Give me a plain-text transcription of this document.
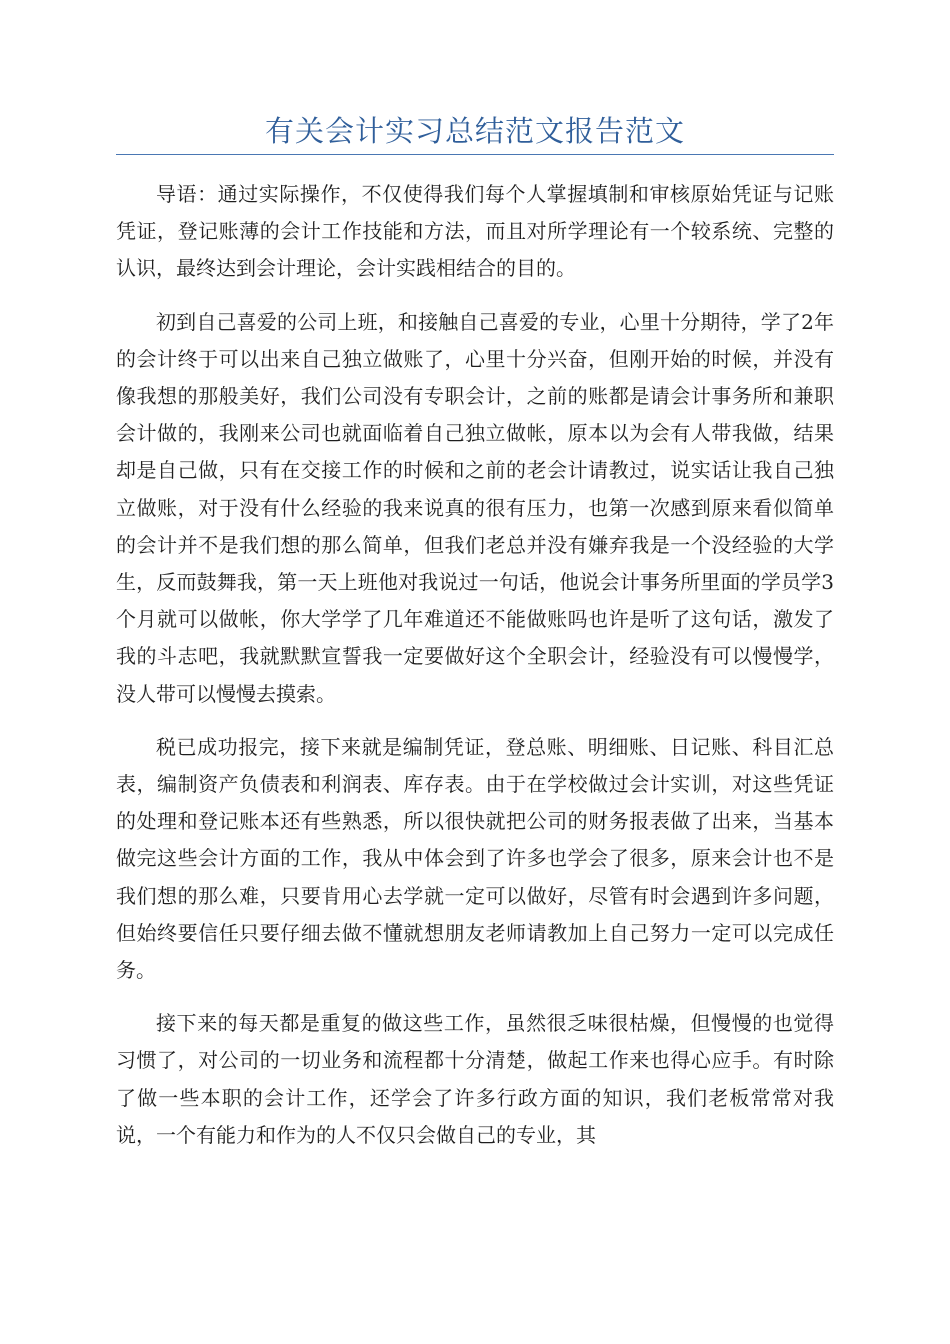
有关会计实习总结范文报告范文

导语：通过实际操作，不仅使得我们每个人掌握填制和审核原始凭证与记账凭证，登记账薄的会计工作技能和方法，而且对所学理论有一个较系统、完整的认识，最终达到会计理论，会计实践相结合的目的。

初到自己喜爱的公司上班，和接触自己喜爱的专业，心里十分期待，学了2年的会计终于可以出来自己独立做账了，心里十分兴奋，但刚开始的时候，并没有像我想的那般美好，我们公司没有专职会计，之前的账都是请会计事务所和兼职会计做的，我刚来公司也就面临着自己独立做帐，原本以为会有人带我做，结果却是自己做，只有在交接工作的时候和之前的老会计请教过，说实话让我自己独立做账，对于没有什么经验的我来说真的很有压力，也第一次感到原来看似简单的会计并不是我们想的那么简单，但我们老总并没有嫌弃我是一个没经验的大学生，反而鼓舞我，第一天上班他对我说过一句话，他说会计事务所里面的学员学3个月就可以做帐，你大学学了几年难道还不能做账吗也许是听了这句话，激发了我的斗志吧，我就默默宣誓我一定要做好这个全职会计，经验没有可以慢慢学，没人带可以慢慢去摸索。

税已成功报完，接下来就是编制凭证，登总账、明细账、日记账、科目汇总表，编制资产负债表和利润表、库存表。由于在学校做过会计实训，对这些凭证的处理和登记账本还有些熟悉，所以很快就把公司的财务报表做了出来，当基本做完这些会计方面的工作，我从中体会到了许多也学会了很多，原来会计也不是我们想的那么难，只要肯用心去学就一定可以做好，尽管有时会遇到许多问题，但始终要信任只要仔细去做不懂就想朋友老师请教加上自己努力一定可以完成任务。

接下来的每天都是重复的做这些工作，虽然很乏味很枯燥，但慢慢的也觉得习惯了，对公司的一切业务和流程都十分清楚，做起工作来也得心应手。有时除了做一些本职的会计工作，还学会了许多行政方面的知识，我们老板常常对我说，一个有能力和作为的人不仅只会做自己的专业，其
